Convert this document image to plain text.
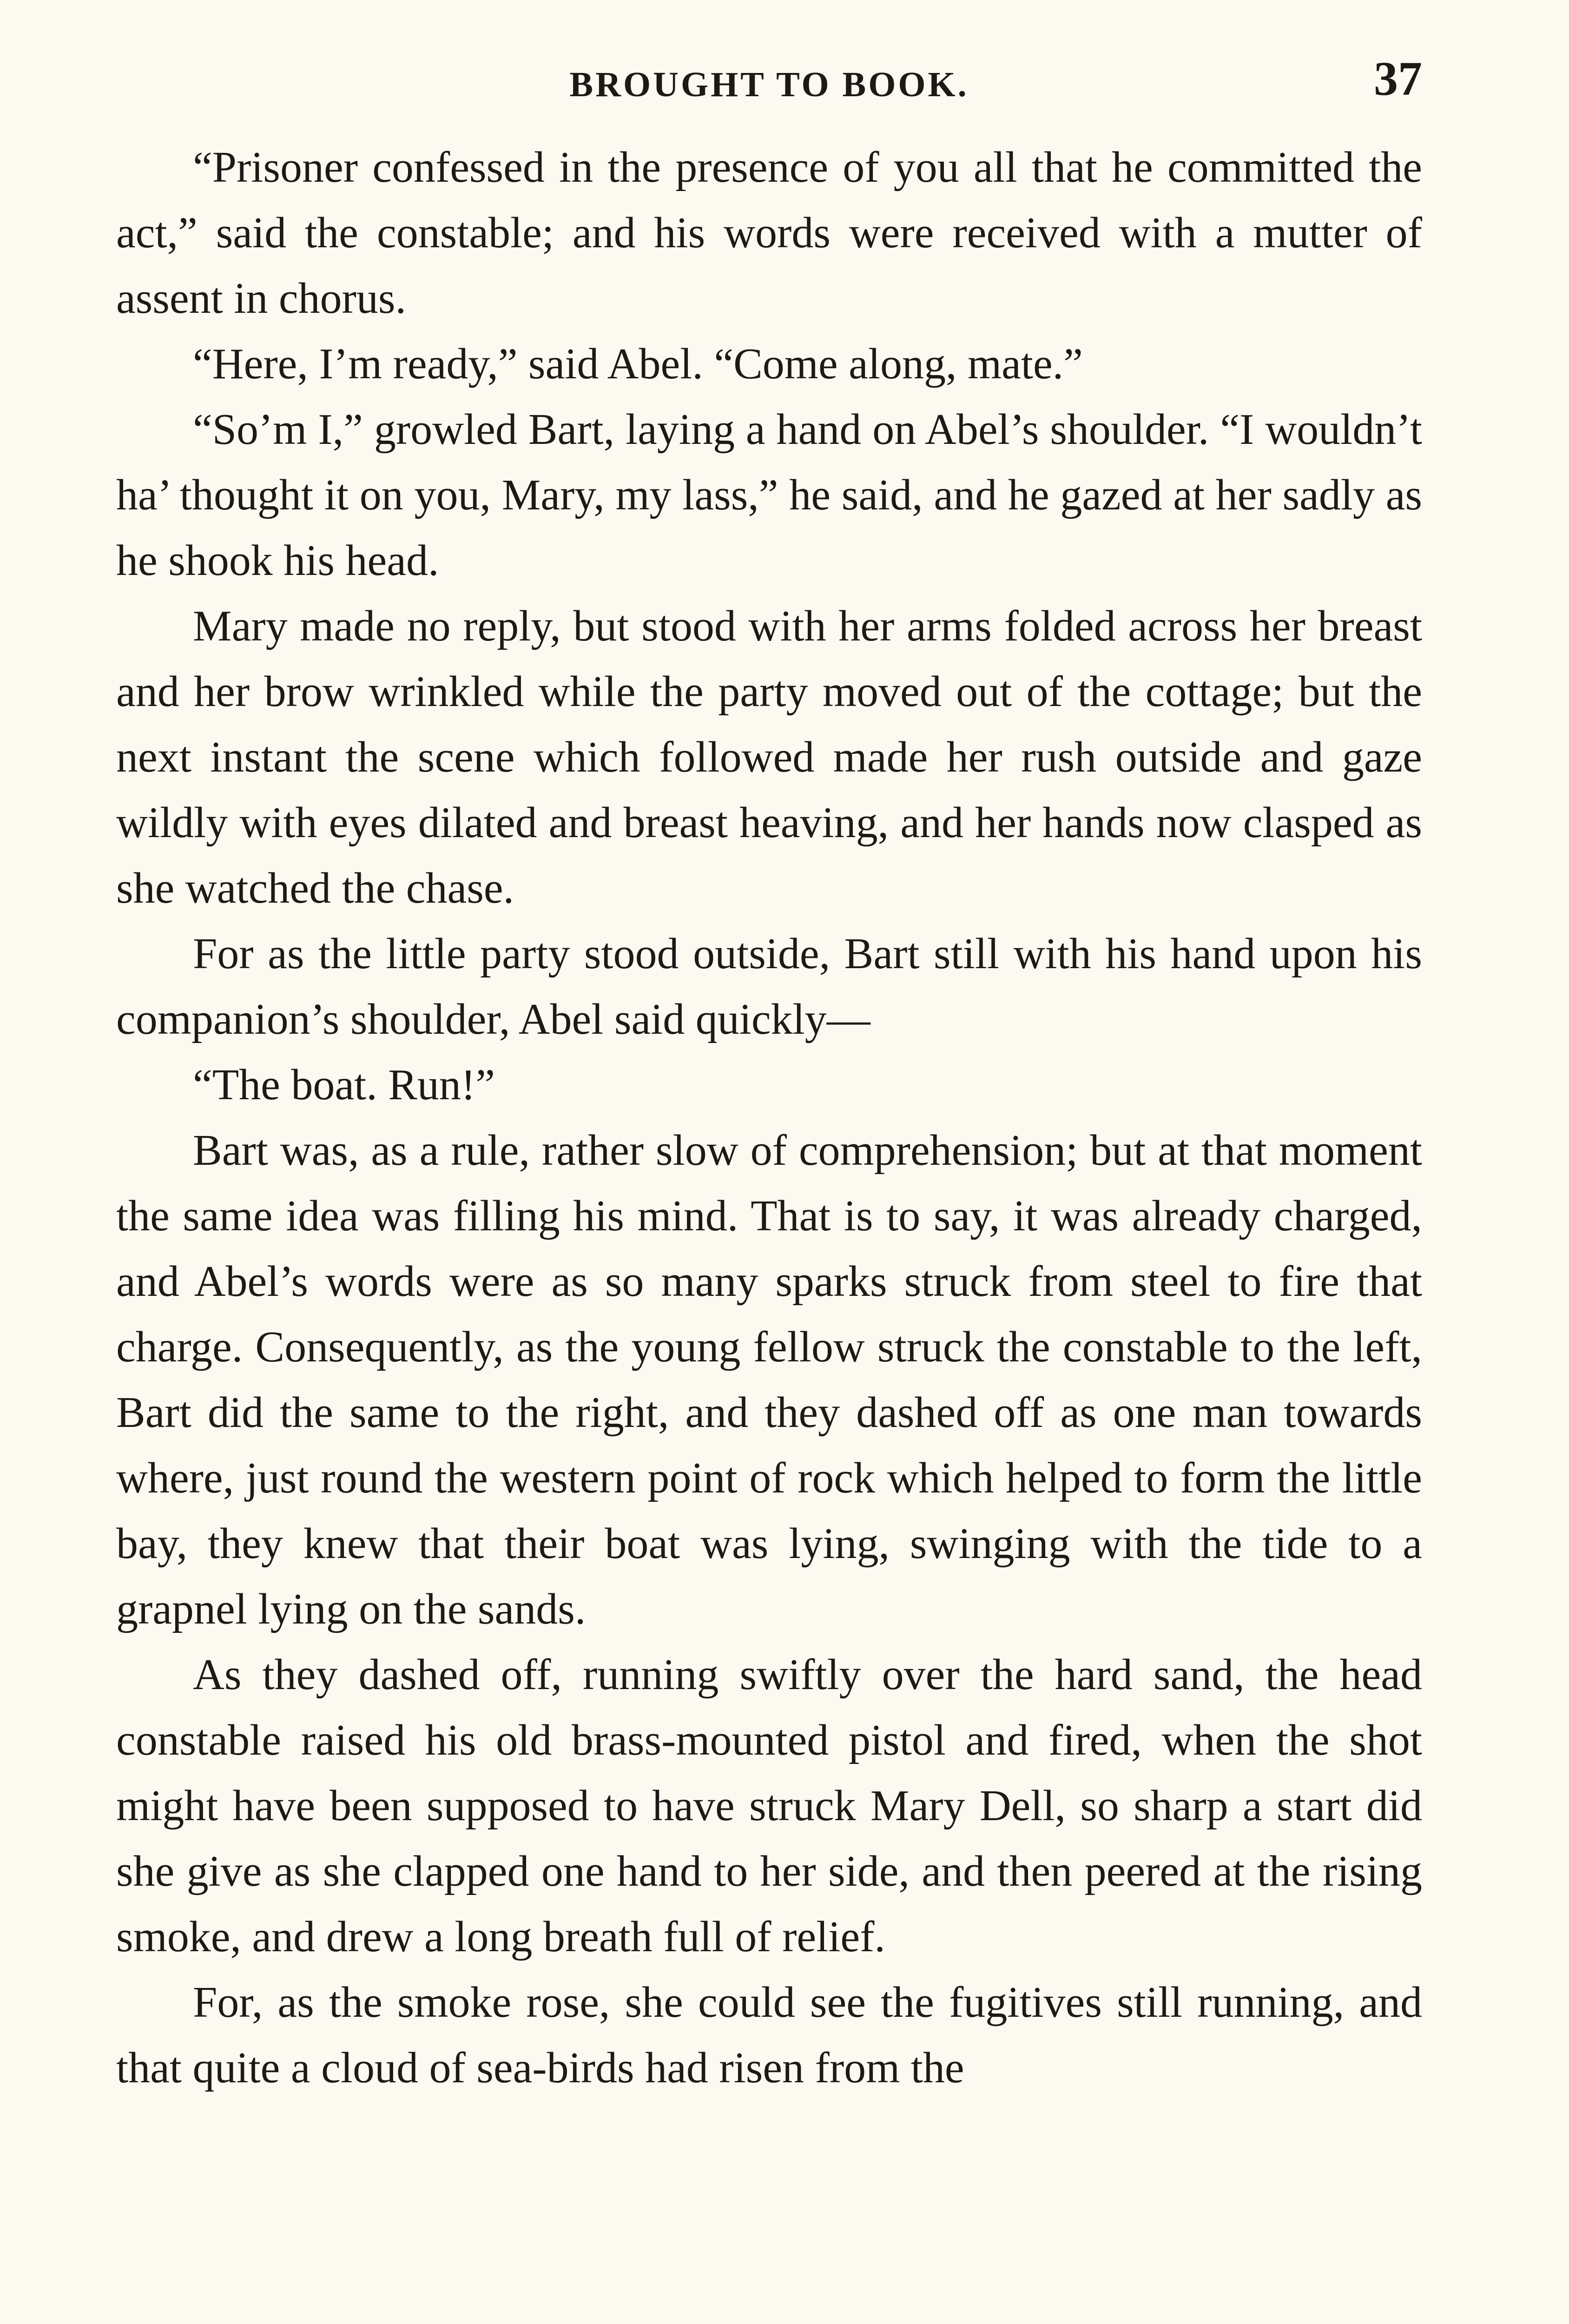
BROUGHT TO BOOK.	37

“Prisoner confessed in the presence of you all that he committed the act,” said the constable; and his words were received with a mutter of assent in chorus.

“Here, I’m ready,” said Abel. “Come along, mate.”

“So’m I,” growled Bart, laying a hand on Abel’s shoulder. “I wouldn’t ha’ thought it on you, Mary, my lass,” he said, and he gazed at her sadly as he shook his head.

Mary made no reply, but stood with her arms folded across her breast and her brow wrinkled while the party moved out of the cottage; but the next instant the scene which followed made her rush outside and gaze wildly with eyes dilated and breast heaving, and her hands now clasped as she watched the chase.

For as the little party stood outside, Bart still with his hand upon his companion’s shoulder, Abel said quickly—

“The boat. Run!”

Bart was, as a rule, rather slow of comprehension; but at that moment the same idea was filling his mind. That is to say, it was already charged, and Abel’s words were as so many sparks struck from steel to fire that charge. Consequently, as the young fellow struck the constable to the left, Bart did the same to the right, and they dashed off as one man towards where, just round the western point of rock which helped to form the little bay, they knew that their boat was lying, swinging with the tide to a grapnel lying on the sands.

As they dashed off, running swiftly over the hard sand, the head constable raised his old brass-mounted pistol and fired, when the shot might have been supposed to have struck Mary Dell, so sharp a start did she give as she clapped one hand to her side, and then peered at the rising smoke, and drew a long breath full of relief.

For, as the smoke rose, she could see the fugitives still running, and that quite a cloud of sea-birds had risen from the
